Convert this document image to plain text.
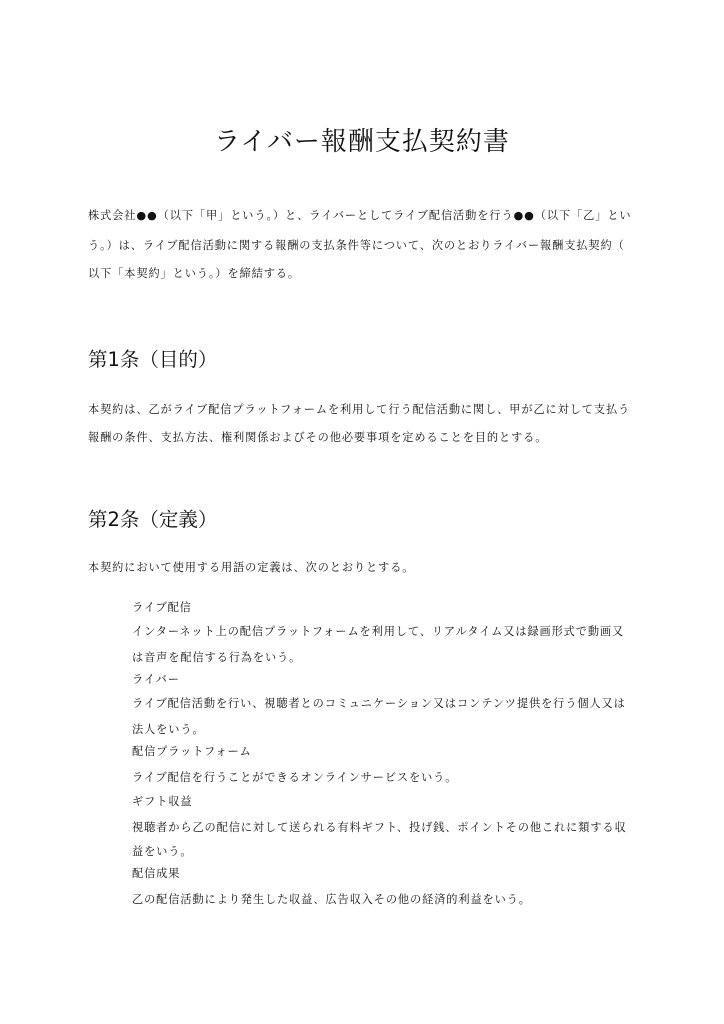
ライバー報酬支払契約書
株式会社●●（以下「甲」という。）と、ライバーとしてライブ配信活動を行う●●（以下「乙」とい
う。）は、ライブ配信活動に関する報酬の支払条件等について、次のとおりライバー報酬支払契約（
以下「本契約」という。）を締結する。
第1条（目的）
本契約は、乙がライブ配信プラットフォームを利用して行う配信活動に関し、甲が乙に対して支払う
報酬の条件、支払方法、権利関係およびその他必要事項を定めることを目的とする。
第2条（定義）
本契約において使用する用語の定義は、次のとおりとする。
ライブ配信
インターネット上の配信プラットフォームを利用して、リアルタイム又は録画形式で動画又
は音声を配信する行為をいう。
ライバー
ライブ配信活動を行い、視聴者とのコミュニケーション又はコンテンツ提供を行う個人又は
法人をいう。
配信プラットフォーム
ライブ配信を行うことができるオンラインサービスをいう。
ギフト収益
視聴者から乙の配信に対して送られる有料ギフト、投げ銭、ポイントその他これに類する収
益をいう。
配信成果
乙の配信活動により発生した収益、広告収入その他の経済的利益をいう。
